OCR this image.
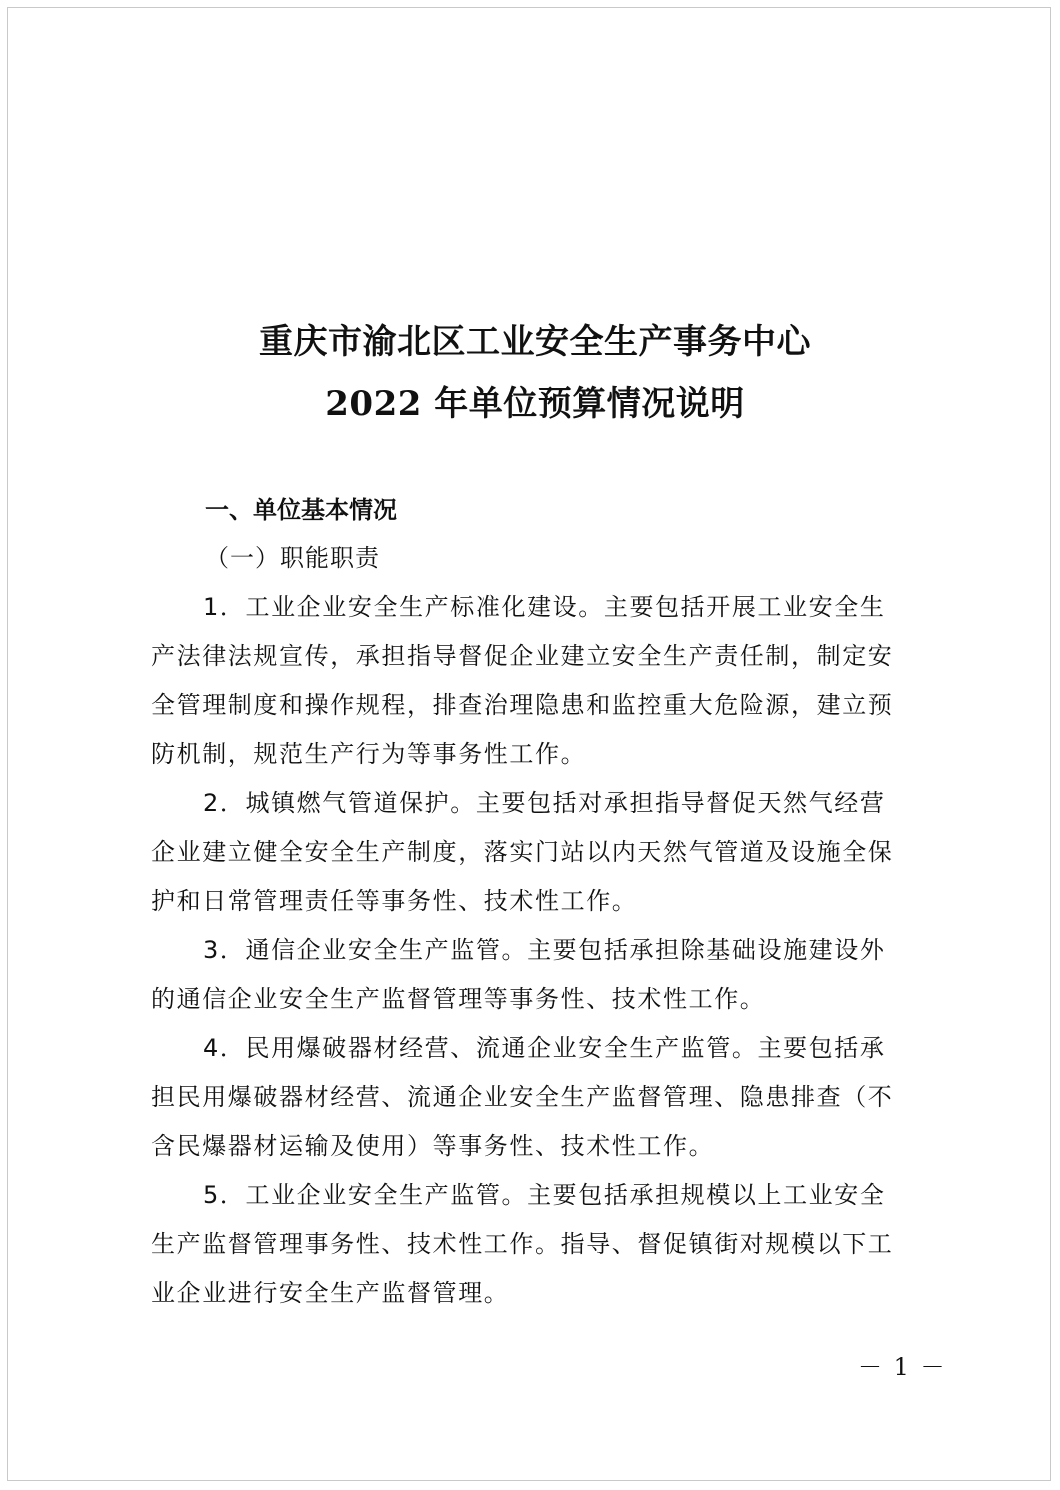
重庆市渝北区工业安全生产事务中心
2022 年单位预算情况说明
一、单位基本情况
（一）职能职责
1．工业企业安全生产标准化建设。主要包括开展工业安全生
产法律法规宣传，承担指导督促企业建立安全生产责任制，制定安
全管理制度和操作规程，排查治理隐患和监控重大危险源，建立预
防机制，规范生产行为等事务性工作。
2．城镇燃气管道保护。主要包括对承担指导督促天然气经营
企业建立健全安全生产制度，落实门站以内天然气管道及设施全保
护和日常管理责任等事务性、技术性工作。
3．通信企业安全生产监管。主要包括承担除基础设施建设外
的通信企业安全生产监督管理等事务性、技术性工作。
4．民用爆破器材经营、流通企业安全生产监管。主要包括承
担民用爆破器材经营、流通企业安全生产监督管理、隐患排查（不
含民爆器材运输及使用）等事务性、技术性工作。
5．工业企业安全生产监管。主要包括承担规模以上工业安全
生产监督管理事务性、技术性工作。指导、督促镇街对规模以下工
业企业进行安全生产监督管理。
－ 1 －
